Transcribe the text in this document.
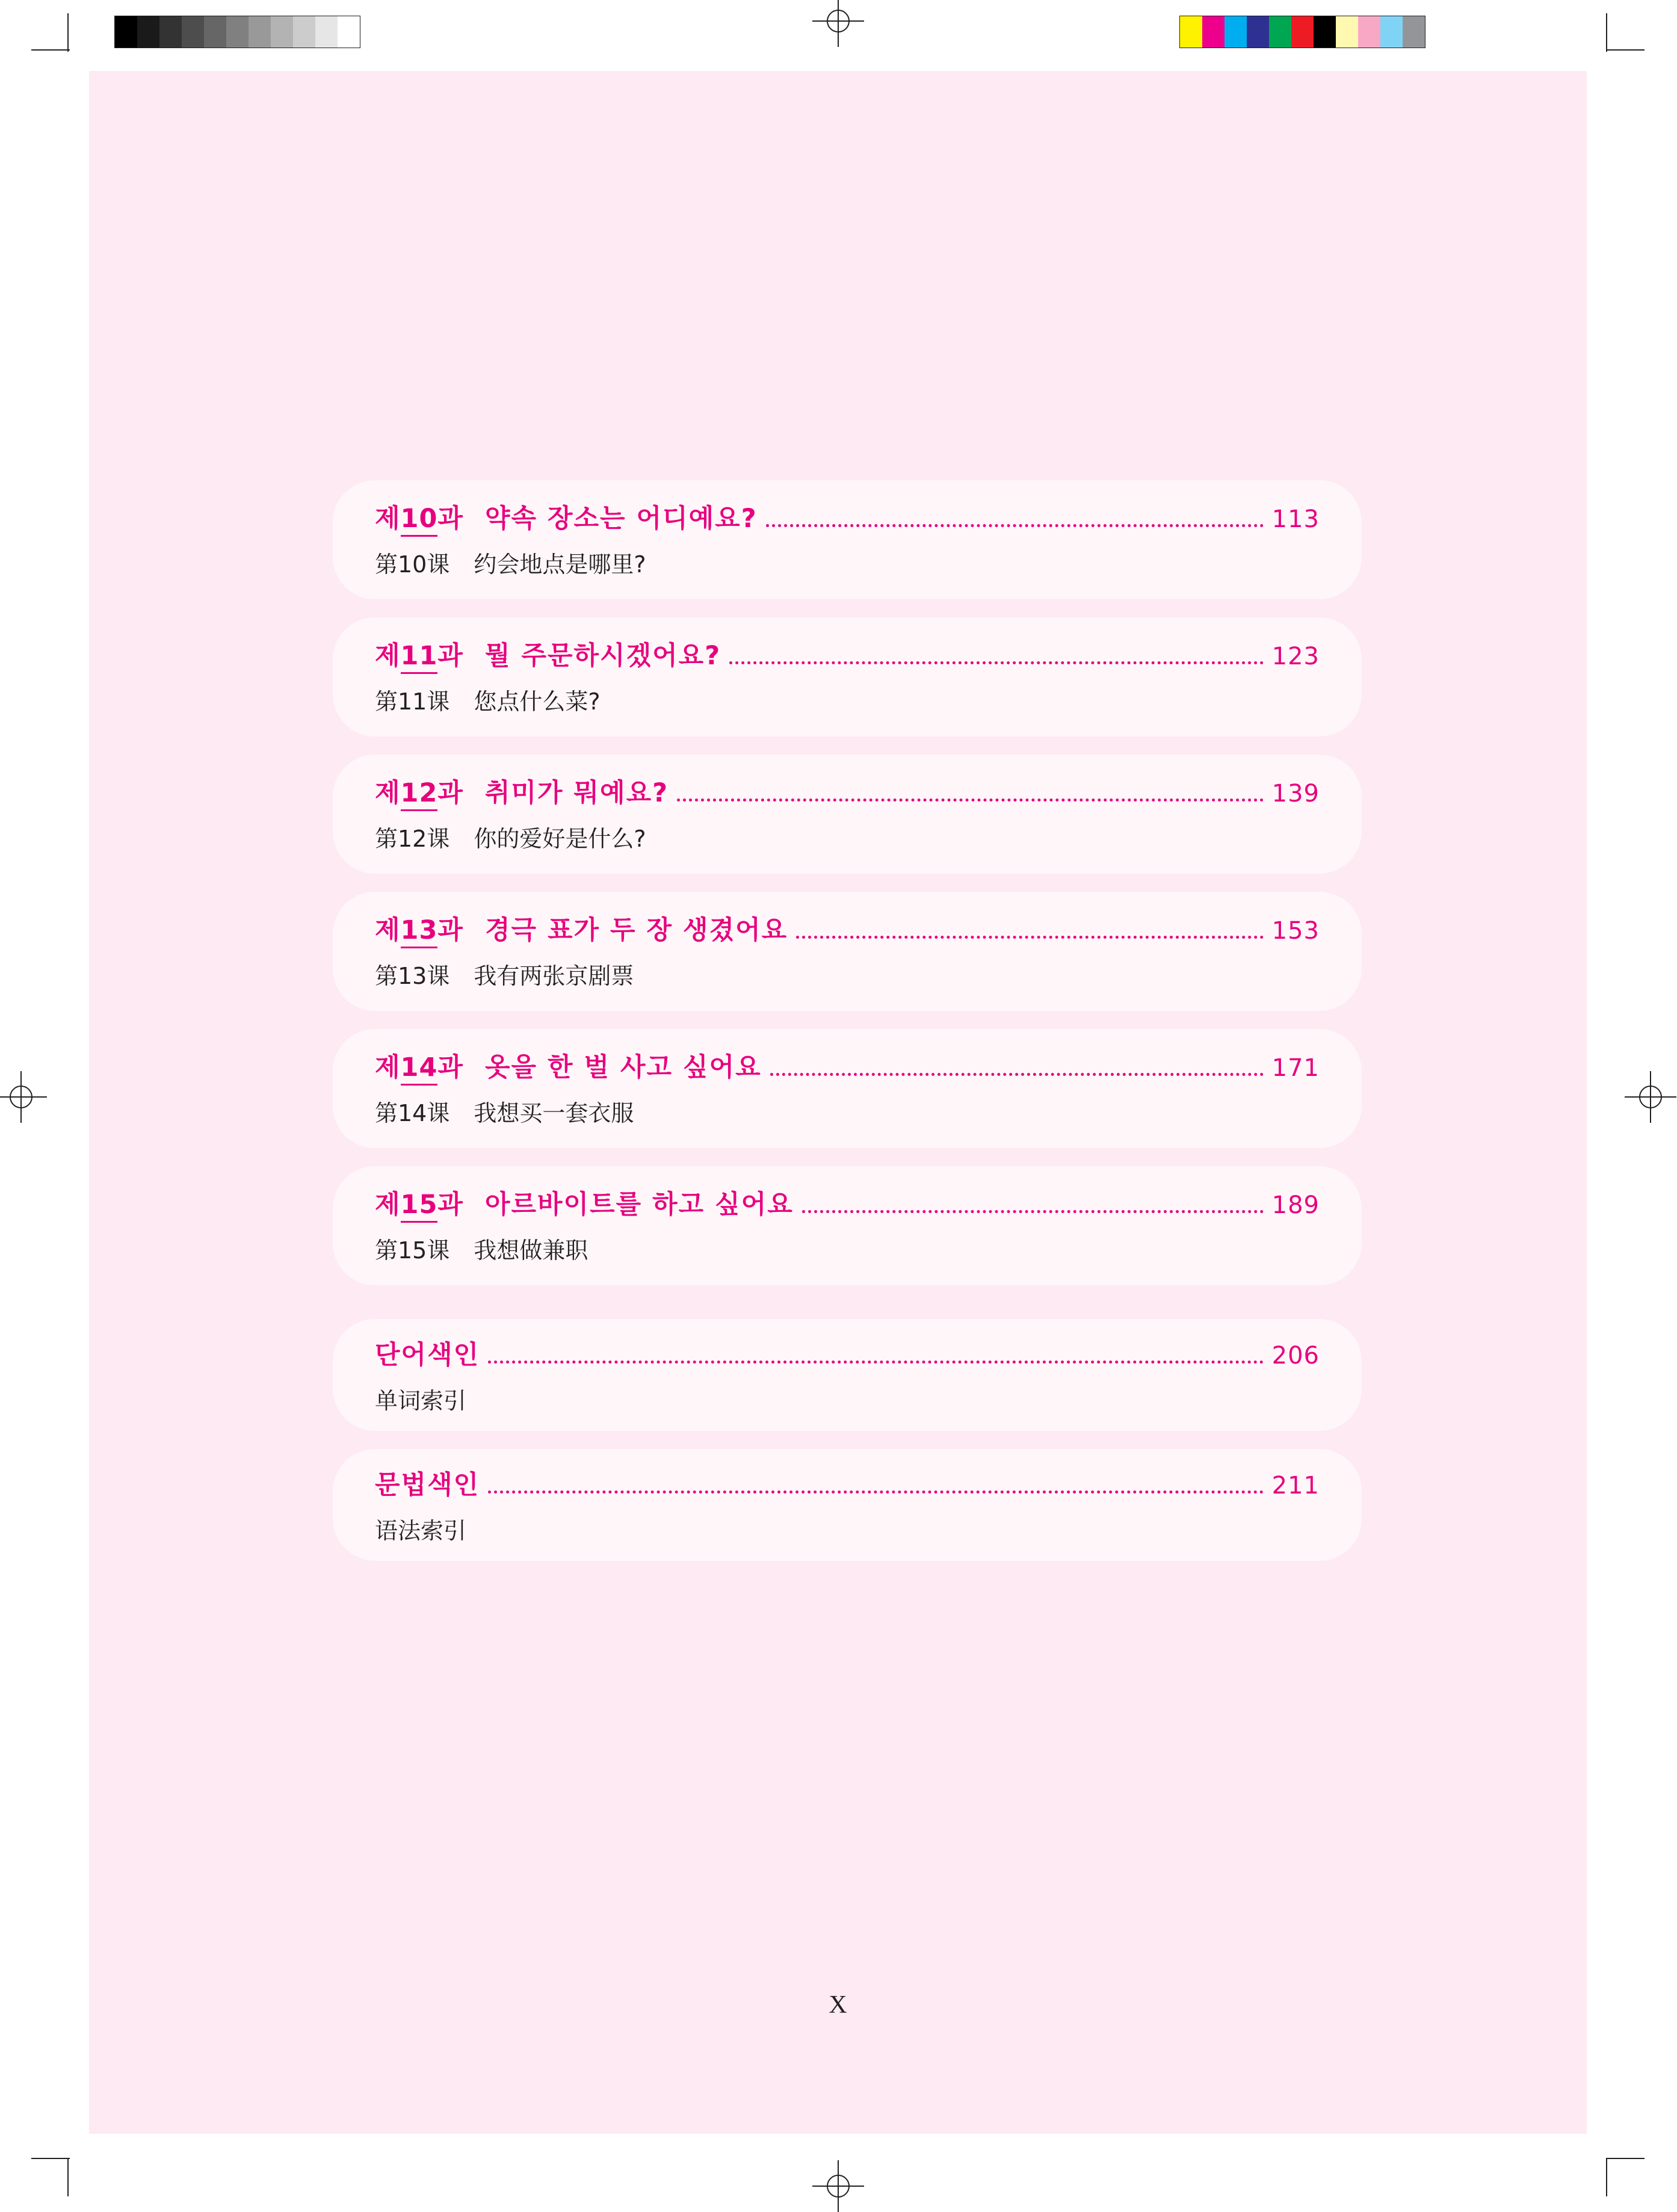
제10과 약속 장소는 어디예요?	113
第10课 约会地点是哪里?
제11과 뭘 주문하시겠어요?	123
第11课 您点什么菜?
제12과 취미가 뭐예요?	139
第12课 你的爱好是什么?
제13과 경극 표가 두 장 생겼어요	153
第13课 我有两张京剧票
제14과 옷을 한 벌 사고 싶어요	171
第14课 我想买一套衣服
제15과 아르바이트를 하고 싶어요	189
第15课 我想做兼职
단어색인	206
单词索引
문법색인	211
语法索引
X
